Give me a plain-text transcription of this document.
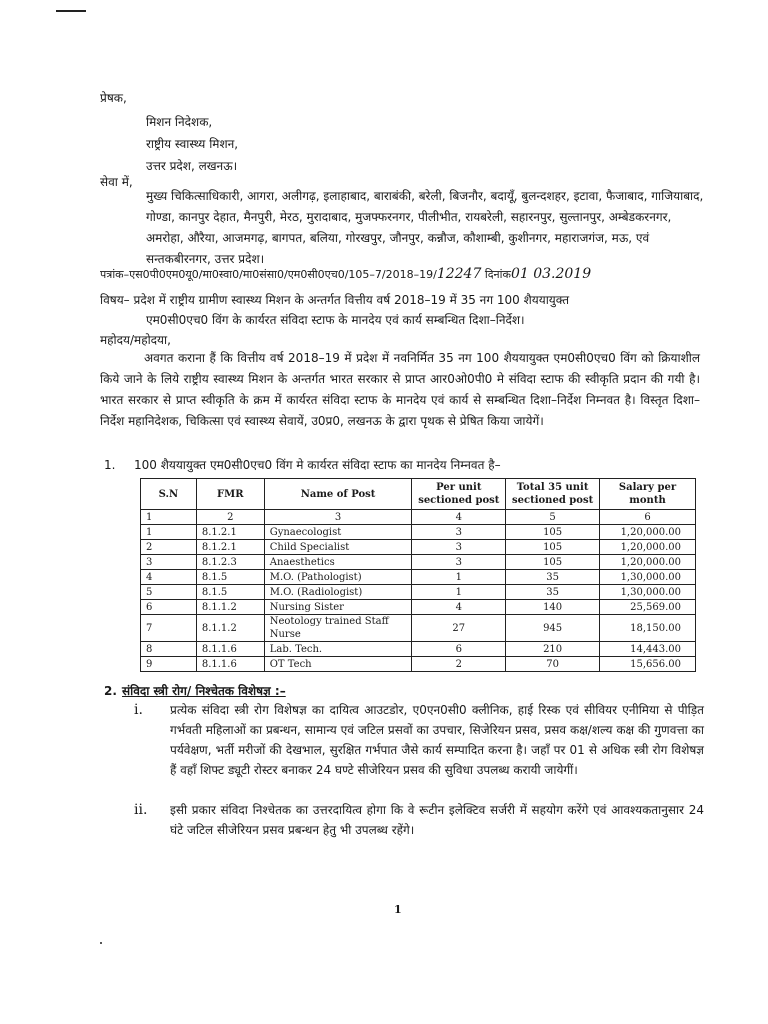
प्रेषक,
मिशन निदेशक,
राष्ट्रीय स्वास्थ्य मिशन,
उत्तर प्रदेश, लखनऊ।
सेवा में,
मुख्य चिकित्साधिकारी, आगरा, अलीगढ़, इलाहाबाद, बाराबंकी, बरेली, बिजनौर, बदायूँ, बुलन्दशहर, इटावा, फैजाबाद, गाजियाबाद, गोण्डा, कानपुर देहात, मैनपुरी, मेरठ, मुरादाबाद, मुजफ्फरनगर, पीलीभीत, रायबरेली, सहारनपुर, सुल्तानपुर, अम्बेडकरनगर, अमरोहा, औरैया, आजमगढ़, बागपत, बलिया, गोरखपुर, जौनपुर, कन्नौज, कौशाम्बी, कुशीनगर, महाराजगंज, मऊ, एवं सन्तकबीरनगर, उत्तर प्रदेश।
पत्रांक–एस0पी0एम0यू0/मा0स्वा0/मा0संसा0/एम0सी0एच0/105–7/2018–19/12247 दिनांक01 03.2019
विषय– प्रदेश में राष्ट्रीय ग्रामीण स्वास्थ्य मिशन के अन्तर्गत वित्तीय वर्ष 2018–19 में 35 नग 100 शैययायुक्त
एम0सी0एच0 विंग के कार्यरत संविदा स्टाफ के मानदेय एवं कार्य सम्बन्धित दिशा–निर्देश।
महोदय/महोदया,
अवगत कराना हैं कि वित्तीय वर्ष 2018–19 में प्रदेश में नवनिर्मित 35 नग 100 शैययायुक्त एम0सी0एच0 विंग को क्रियाशील किये जाने के लिये राष्ट्रीय स्वास्थ्य मिशन के अन्तर्गत भारत सरकार से प्राप्त आर0ओ0पी0 मे संविदा स्टाफ की स्वीकृति प्रदान की गयी है। भारत सरकार से प्राप्त स्वीकृति के क्रम में कार्यरत संविदा स्टाफ के मानदेय एवं कार्य से सम्बन्धित दिशा–निर्देश निम्नवत है। विस्तृत दिशा–निर्देश महानिदेशक, चिकित्सा एवं स्वास्थ्य सेवायें, उ0प्र0, लखनऊ के द्वारा पृथक से प्रेषित किया जायेगें।
1. 100 शैययायुक्त एम0सी0एच0 विंग मे कार्यरत संविदा स्टाफ का मानदेय निम्नवत है–
S.N	FMR	Name of Post	Per unit sectioned post	Total 35 unit sectioned post	Salary per month
1	2	3	4	5	6
1	8.1.2.1	Gynaecologist	3	105	1,20,000.00
2	8.1.2.1	Child Specialist	3	105	1,20,000.00
3	8.1.2.3	Anaesthetics	3	105	1,20,000.00
4	8.1.5	M.O. (Pathologist)	1	35	1,30,000.00
5	8.1.5	M.O. (Radiologist)	1	35	1,30,000.00
6	8.1.1.2	Nursing Sister	4	140	25,569.00
7	8.1.1.2	Neotology trained Staff Nurse	27	945	18,150.00
8	8.1.1.6	Lab. Tech.	6	210	14,443.00
9	8.1.1.6	OT Tech	2	70	15,656.00
2. संविदा स्त्री रोग/ निश्चेतक विशेषज्ञ :–
i. प्रत्येक संविदा स्त्री रोग विशेषज्ञ का दायित्व आउटडोर, ए0एन0सी0 क्लीनिक, हाई रिस्क एवं सीवियर एनीमिया से पीड़ित गर्भवती महिलाओं का प्रबन्धन, सामान्य एवं जटिल प्रसवों का उपचार, सिजेरियन प्रसव, प्रसव कक्ष/शल्य कक्ष की गुणवत्ता का पर्यवेक्षण, भर्ती मरीजों की देखभाल, सुरक्षित गर्भपात जैसे कार्य सम्पादित करना है। जहाँ पर 01 से अधिक स्त्री रोग विशेषज्ञ हैं वहाँ शिफ्ट ड्यूटी रोस्टर बनाकर 24 घण्टे सीजेरियन प्रसव की सुविधा उपलब्ध करायी जायेगीं।
ii. इसी प्रकार संविदा निश्चेतक का उत्तरदायित्व होगा कि वे रूटीन इलेक्टिव सर्जरी में सहयोग करेंगे एवं आवश्यकतानुसार 24 घंटे जटिल सीजेरियन प्रसव प्रबन्धन हेतु भी उपलब्ध रहेंगे।
1
